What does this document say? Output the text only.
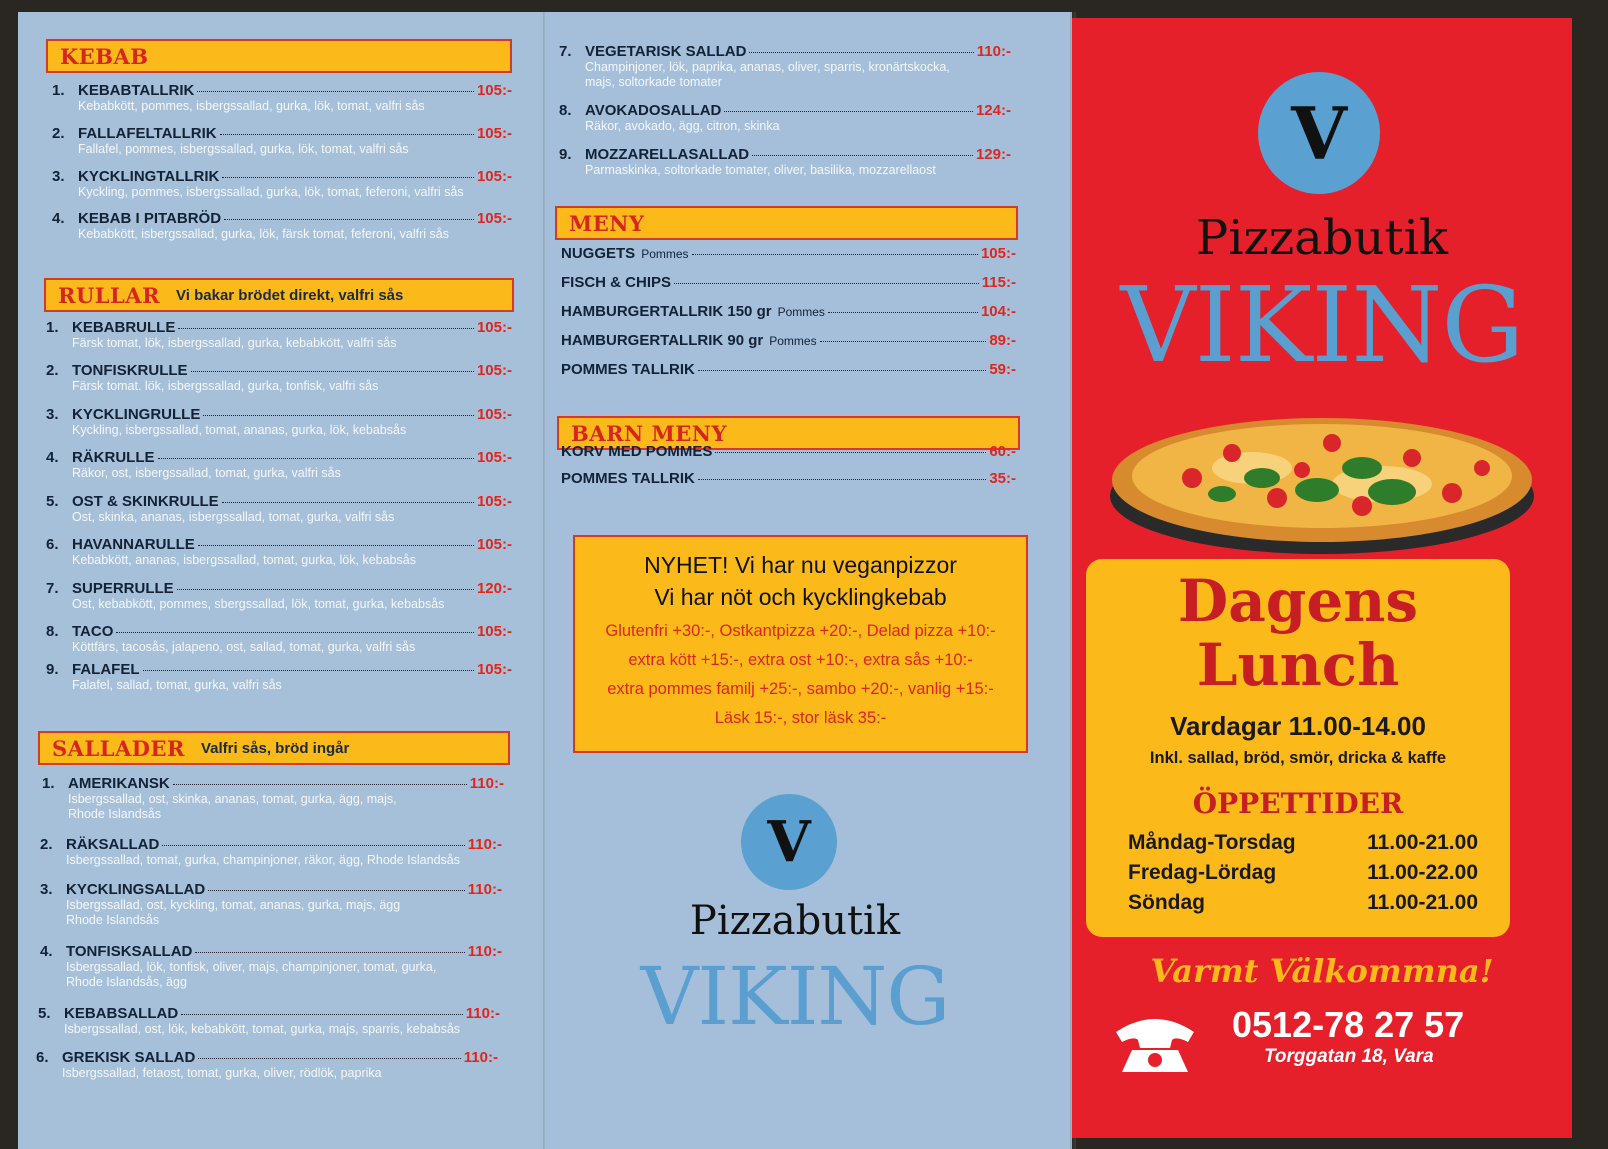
KEBAB
1. KEBABTALLRIK	105:-
Kebabkött, pommes, isbergssallad, gurka, lök, tomat, valfri sås
2. FALLAFELTALLRIK	105:-
Fallafel, pommes, isbergssallad, gurka, lök, tomat, valfri sås
3. KYCKLINGTALLRIK	105:-
Kyckling, pommes, isbergssallad, gurka, lök, tomat, feferoni, valfri sås
4. KEBAB I PITABRÖD	105:-
Kebabkött, isbergssallad, gurka, lök, färsk tomat, feferoni, valfri sås
RULLAR Vi bakar brödet direkt, valfri sås
1. KEBABRULLE	105:-
Färsk tomat, lök, isbergssallad, gurka, kebabkött, valfri sås
2. TONFISKRULLE	105:-
Färsk tomat. lök, isbergssallad, gurka, tonfisk, valfri sås
3. KYCKLINGRULLE	105:-
Kyckling, isbergssallad, tomat, ananas, gurka, lök, kebabsås
4. RÄKRULLE	105:-
Räkor, ost, isbergssallad, tomat, gurka, valfri sås
5. OST & SKINKRULLE	105:-
Ost, skinka, ananas, isbergssallad, tomat, gurka, valfri sås
6. HAVANNARULLE	105:-
Kebabkött, ananas, isbergssallad, tomat, gurka, lök, kebabsås
7. SUPERRULLE	120:-
Ost, kebabkött, pommes, sbergssallad, lök, tomat, gurka, kebabsås
8. TACO	105:-
Köttfärs, tacosås, jalapeno, ost, sallad, tomat, gurka, valfri sås
9. FALAFEL	105:-
Falafel, sallad, tomat, gurka, valfri sås
SALLADER Valfri sås, bröd ingår
1. AMERIKANSK	110:-
Isbergssallad, ost, skinka, ananas, tomat, gurka, ägg, majs,
Rhode Islandsås
2. RÄKSALLAD	110:-
Isbergssallad, tomat, gurka, champinjoner, räkor, ägg, Rhode Islandsås
3. KYCKLINGSALLAD	110:-
Isbergssallad, ost, kyckling, tomat, ananas, gurka, majs, ägg
Rhode Islandsås
4. TONFISKSALLAD	110:-
Isbergssallad, lök, tonfisk, oliver, majs, champinjoner, tomat, gurka,
Rhode Islandsås, ägg
5. KEBABSALLAD	110:-
Isbergssallad, ost, lök, kebabkött, tomat, gurka, majs, sparris, kebabsås
6. GREKISK SALLAD	110:-
Isbergssallad, fetaost, tomat, gurka, oliver, rödlök, paprika
7. VEGETARISK SALLAD	110:-
Champinjoner, lök, paprika, ananas, oliver, sparris, kronärtskocka,
majs, soltorkade tomater
8. AVOKADOSALLAD	124:-
Räkor, avokado, ägg, citron, skinka
9. MOZZARELLASALLAD	129:-
Parmaskinka, soltorkade tomater, oliver, basilika, mozzarellaost
MENY
NUGGETS Pommes	105:-
FISCH & CHIPS	115:-
HAMBURGERTALLRIK 150 gr Pommes	104:-
HAMBURGERTALLRIK 90 gr Pommes	89:-
POMMES TALLRIK	59:-
BARN MENY
KORV MED POMMES	60:-
POMMES TALLRIK	35:-
NYHET! Vi har nu veganpizzor
Vi har nöt och kycklingkebab
Glutenfri +30:-, Ostkantpizza +20:-, Delad pizza +10:-
extra kött +15:-, extra ost +10:-, extra sås +10:-
extra pommes familj +25:-, sambo +20:-, vanlig +15:-
Läsk 15:-, stor läsk 35:-
V
Pizzabutik
VIKING
V
Pizzabutik
VIKING
Dagens
Lunch
Vardagar 11.00-14.00
Inkl. sallad, bröd, smör, dricka & kaffe
ÖPPETTIDER
Måndag-Torsdag	11.00-21.00
Fredag-Lördag	11.00-22.00
Söndag	11.00-21.00
Varmt Välkommna!
0512-78 27 57
Torggatan 18, Vara
